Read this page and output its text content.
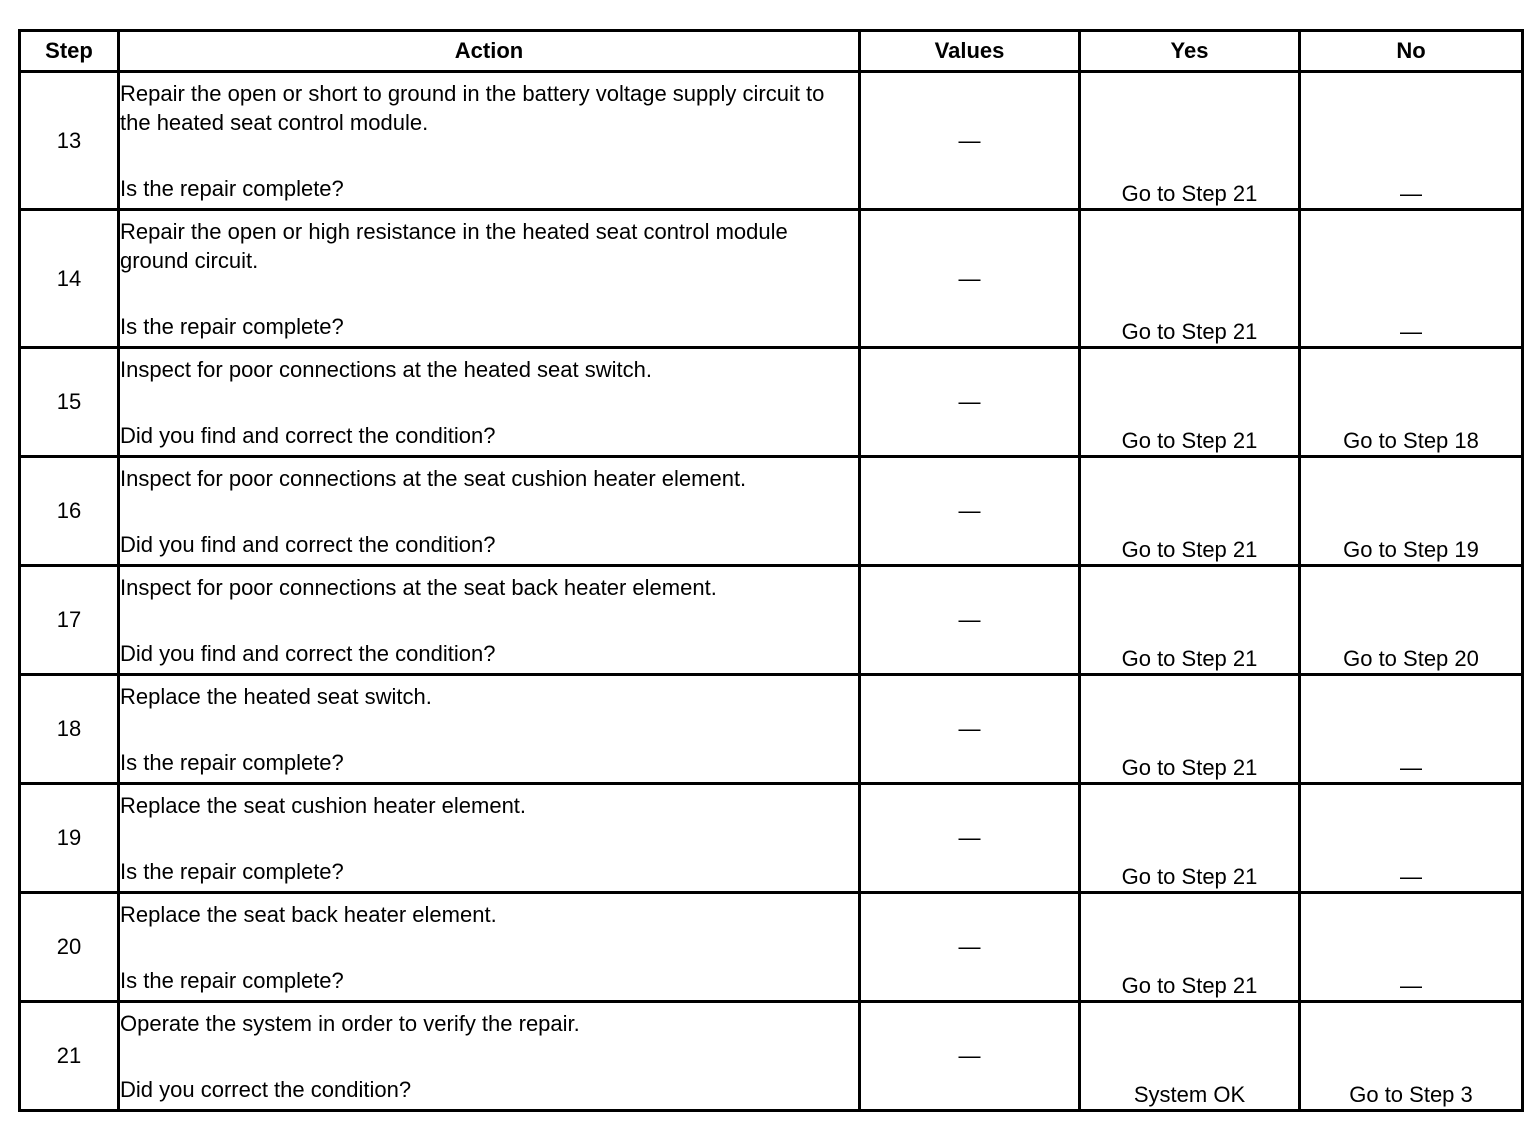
Step	Action	Values	Yes	No
13	Repair the open or short to ground in the battery voltage supply circuit to the heated seat control module.
Is the repair complete?	—	Go to Step 21	—
14	Repair the open or high resistance in the heated seat control module ground circuit.
Is the repair complete?	—	Go to Step 21	—
15	Inspect for poor connections at the heated seat switch.
Did you find and correct the condition?	—	Go to Step 21	Go to Step 18
16	Inspect for poor connections at the seat cushion heater element.
Did you find and correct the condition?	—	Go to Step 21	Go to Step 19
17	Inspect for poor connections at the seat back heater element.
Did you find and correct the condition?	—	Go to Step 21	Go to Step 20
18	Replace the heated seat switch.
Is the repair complete?	—	Go to Step 21	—
19	Replace the seat cushion heater element.
Is the repair complete?	—	Go to Step 21	—
20	Replace the seat back heater element.
Is the repair complete?	—	Go to Step 21	—
21	Operate the system in order to verify the repair.
Did you correct the condition?	—	System OK	Go to Step 3
